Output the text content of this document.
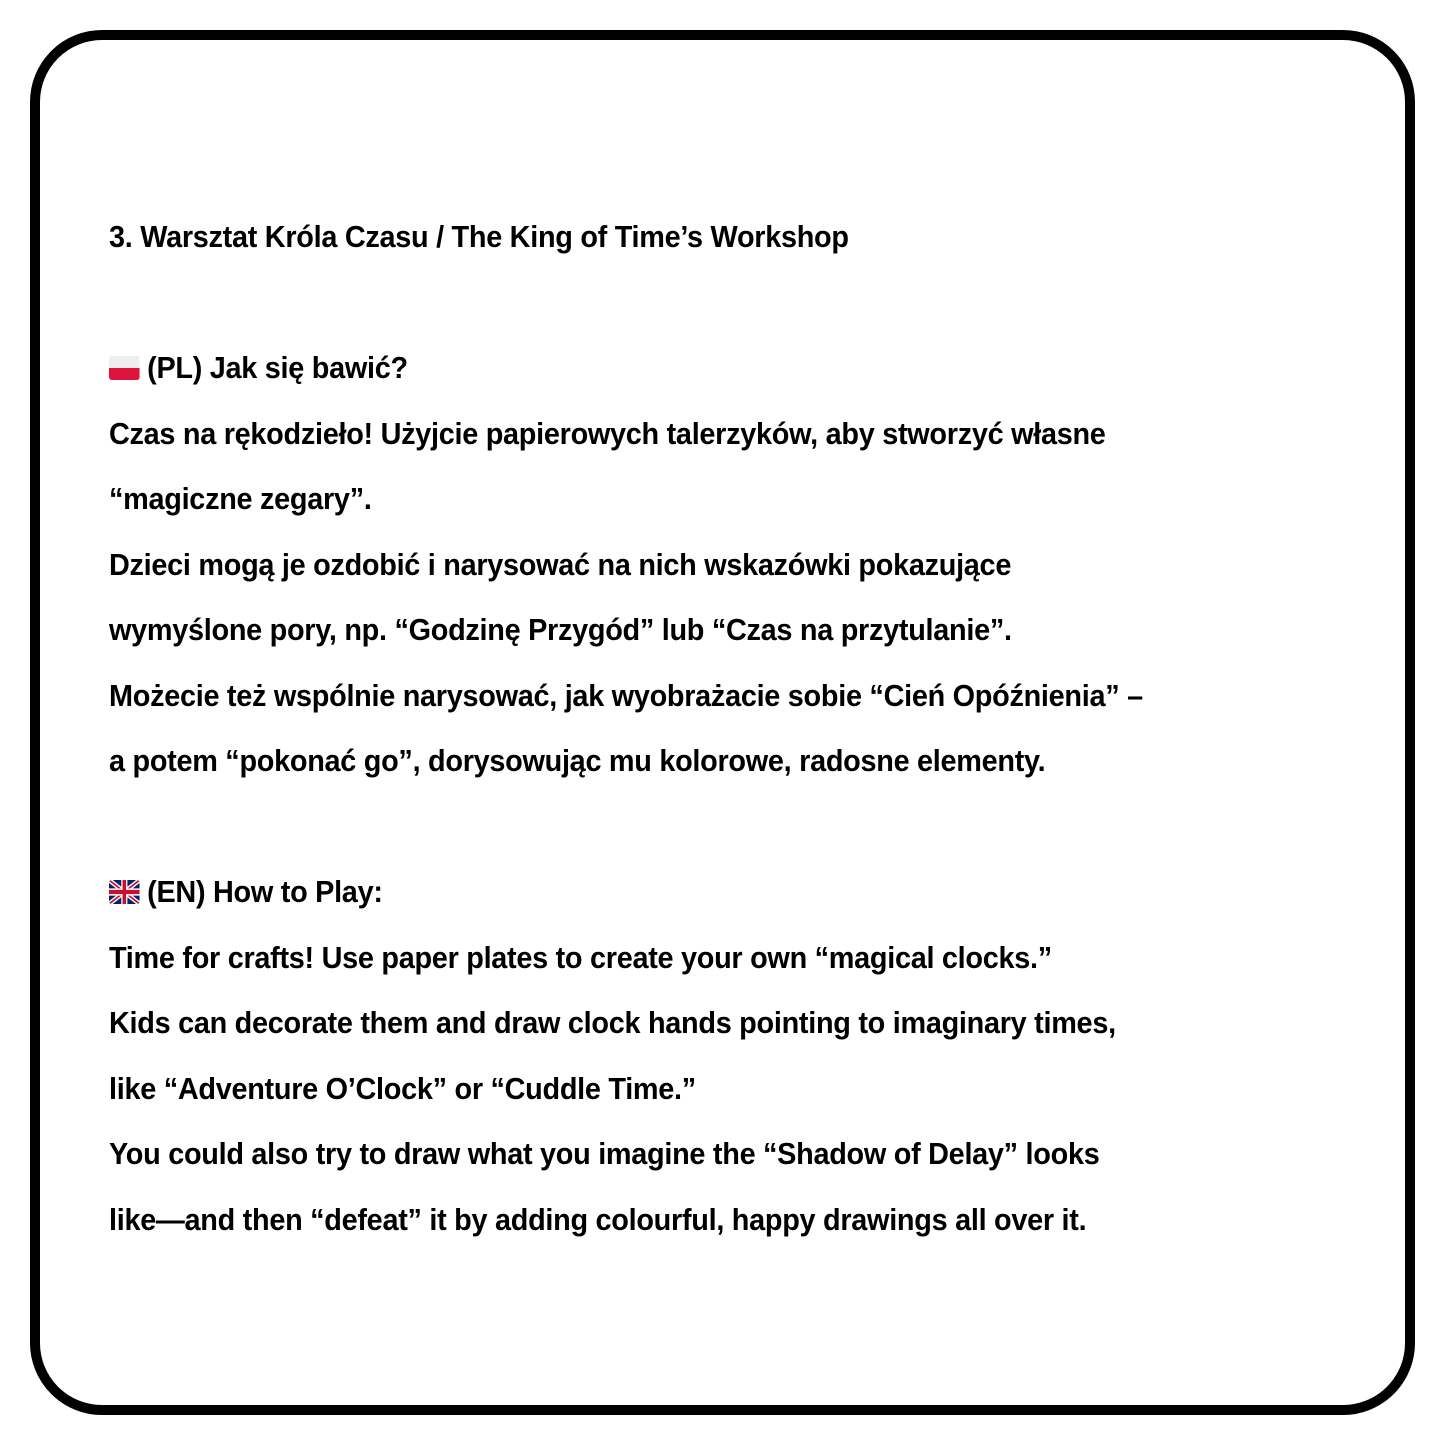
3. Warsztat Króla Czasu / The King of Time’s Workshop
(PL) Jak się bawić?
Czas na rękodzieło! Użyjcie papierowych talerzyków, aby stworzyć własne
“magiczne zegary”.
Dzieci mogą je ozdobić i narysować na nich wskazówki pokazujące
wymyślone pory, np. “Godzinę Przygód” lub “Czas na przytulanie”.
Możecie też wspólnie narysować, jak wyobrażacie sobie “Cień Opóźnienia” –
a potem “pokonać go”, dorysowując mu kolorowe, radosne elementy.
(EN) How to Play:
Time for crafts! Use paper plates to create your own “magical clocks.”
Kids can decorate them and draw clock hands pointing to imaginary times,
like “Adventure O’Clock” or “Cuddle Time.”
You could also try to draw what you imagine the “Shadow of Delay” looks
like—and then “defeat” it by adding colourful, happy drawings all over it.
